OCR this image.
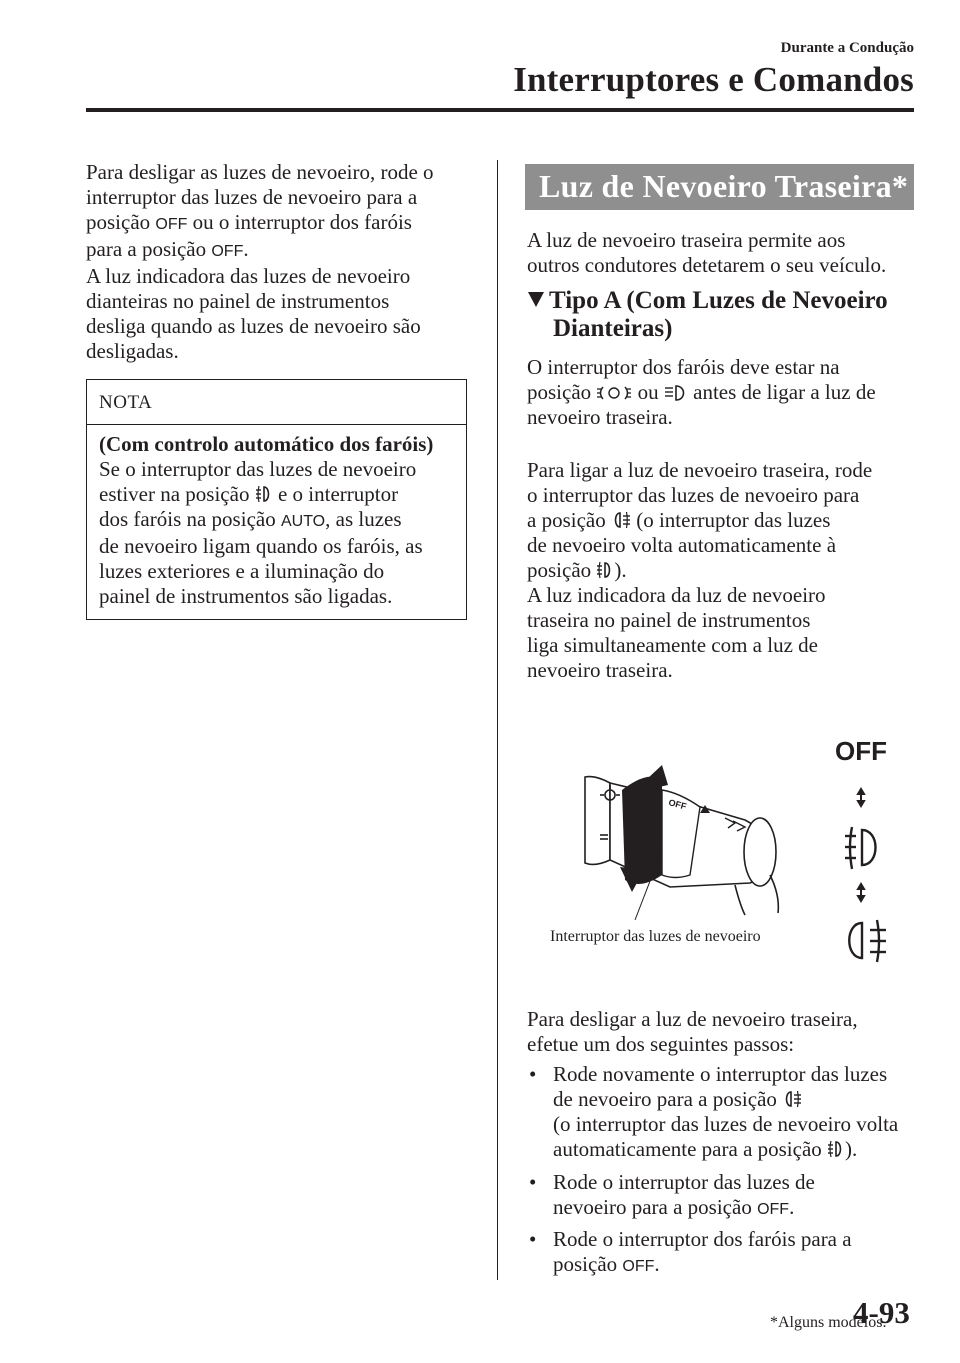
Durante a Condução
Interruptores e Comandos
Para desligar as luzes de nevoeiro, rode o
interruptor das luzes de nevoeiro para a
posição OFF ou o interruptor dos faróis
para a posição OFF.
A luz indicadora das luzes de nevoeiro
dianteiras no painel de instrumentos
desliga quando as luzes de nevoeiro são
desligadas.
NOTA
(Com controlo automático dos faróis)
Se o interruptor das luzes de nevoeiro
estiver na posição e o interruptor
dos faróis na posição AUTO, as luzes
de nevoeiro ligam quando os faróis, as
luzes exteriores e a iluminação do
painel de instrumentos são ligadas.
Luz de Nevoeiro Traseira*
A luz de nevoeiro traseira permite aos
outros condutores detetarem o seu veículo.
Tipo A (Com Luzes de Nevoeiro
Dianteiras)
O interruptor dos faróis deve estar na
posição ou antes de ligar a luz de
nevoeiro traseira.
Para ligar a luz de nevoeiro traseira, rode
o interruptor das luzes de nevoeiro para
a posição (o interruptor das luzes
de nevoeiro volta automaticamente à
posição ).
A luz indicadora da luz de nevoeiro
traseira no painel de instrumentos
liga simultaneamente com a luz de
nevoeiro traseira.
OFF
OFF
Interruptor das luzes de nevoeiro
Para desligar a luz de nevoeiro traseira,
efetue um dos seguintes passos:
• Rode novamente o interruptor das luzes
de nevoeiro para a posição
(o interruptor das luzes de nevoeiro volta
automaticamente para a posição ).
• Rode o interruptor das luzes de
nevoeiro para a posição OFF.
• Rode o interruptor dos faróis para a
posição OFF.
*Alguns modelos.
4-93
